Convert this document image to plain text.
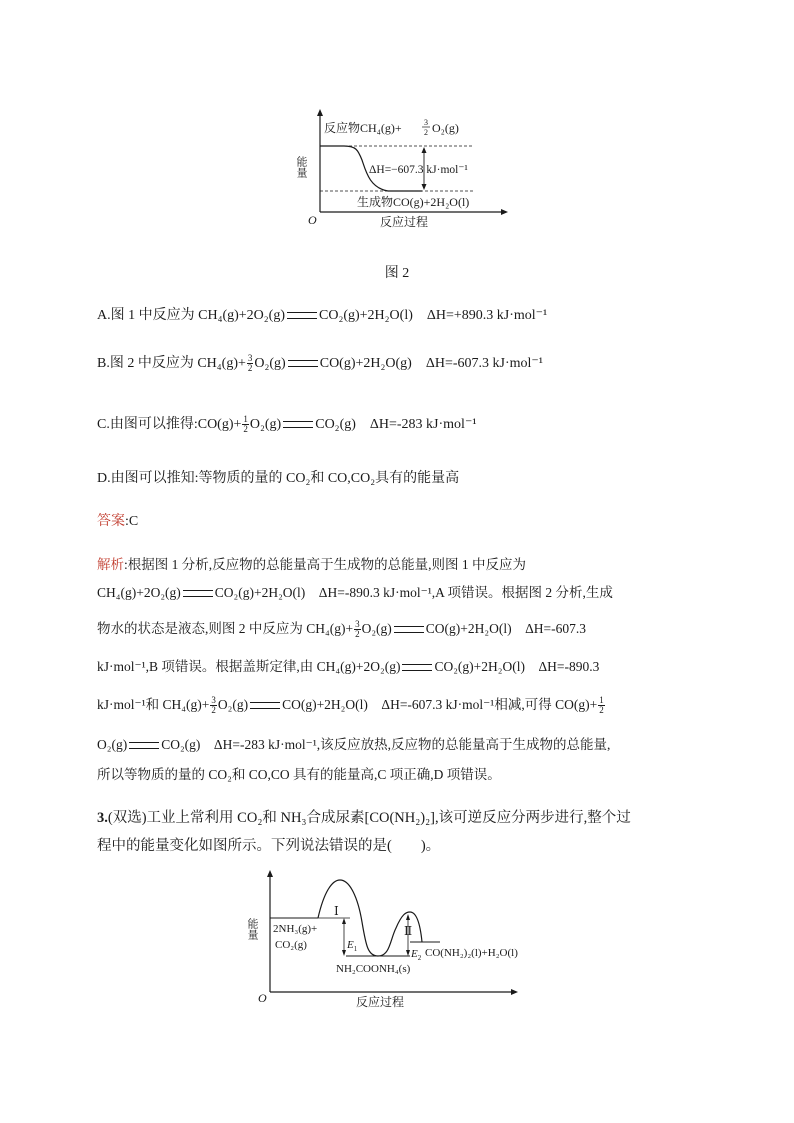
能量
O	反应过程
反应物CH₄(g)+	3
2 O₂(g)
ΔH=−607.3 kJ·mol⁻¹
生成物CO(g)+2H₂O(l)
图 2
A.图 1 中反应为 CH₄(g)+2O₂(g) CO₂(g)+2H₂O(l) ΔH=+890.3 kJ·mol⁻¹
B.图 2 中反应为 $CH_4(g)+ \frac{3}{2} O_2(g)$ CO(g)+2H₂O(g) ΔH=-607.3 kJ·mol⁻¹
C.由图可以推得:CO(g)+ $\frac{1}{2} O_2(g)$ CO₂(g) ΔH=-283 kJ·mol⁻¹
D.由图可以推知:等物质的量的 CO₂和 CO,CO₂具有的能量高
答案:C
解析:根据图 1 分析,反应物的总能量高于生成物的总能量,则图 1 中反应为
CH₄(g)+2O₂(g)	CO₂(g)+2H₂O(l) ΔH=-890.3 kJ·mol⁻¹,A 项错误。根据图 2 分析,生成
物水的状态是液态,则图 2 中反应为 $CH_4(g)+ \frac{3}{2} O_2(g)$	CO(g)+2H₂O(l) ΔH=-607.3
kJ·mol⁻¹,B 项错误。根据盖斯定律,由 CH₄(g)+2O₂(g)	CO₂(g)+2H₂O(l) ΔH=-890.3
kJ·mol⁻¹和 $CH_4(g)+ \frac{3}{2} O_2(g)$	CO(g)+2H₂O(l) ΔH=-607.3 kJ·mol⁻¹相减,可得 $CO(g)+ \frac{1}{2}$
O₂(g)	CO₂(g) ΔH=-283 kJ·mol⁻¹,该反应放热,反应物的总能量高于生成物的总能量,
所以等物质的量的 CO₂和 CO,CO 具有的能量高,C 项正确,D 项错误。
3.(双选)工业上常利用 CO₂和 NH₃合成尿素[CO(NH₂)₂],该可逆反应分两步进行,整个过
程中的能量变化如图所示。下列说法错误的是(　　)。
能量
O	反应过程
2NH₃(g)+
CO₂(g)
Ⅰ
Ⅱ
$E_1$	$E_2$ CO(NH₂)₂(l)+H₂O(l)
NH₂COONH₄(s)
